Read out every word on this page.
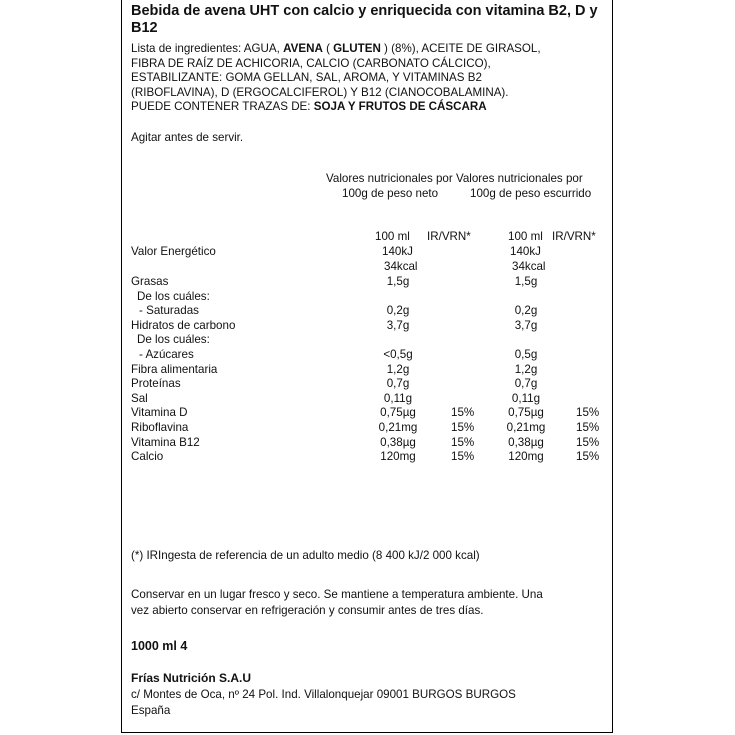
Bebida de avena UHT con calcio y enriquecida con vitamina B2, D y B12
Lista de ingredientes: AGUA, AVENA ( GLUTEN ) (8%), ACEITE DE GIRASOL,
FIBRA DE RAÍZ DE ACHICORIA, CALCIO (CARBONATO CÁLCICO),
ESTABILIZANTE: GOMA GELLAN, SAL, AROMA, Y VITAMINAS B2
(RIBOFLAVINA), D (ERGOCALCIFEROL) Y B12 (CIANOCOBALAMINA).
PUEDE CONTENER TRAZAS DE: SOJA Y FRUTOS DE CÁSCARA
Agitar antes de servir.
Valores nutricionales por Valores nutricionales por
100g de peso neto	100g de peso escurrido
100 ml IR/VRN*	100 ml IR/VRN*
Valor Energético	140kJ	140kJ
34kcal	34kcal
Grasas	1,5g	1,5g
De los cuáles:
- Saturadas	0,2g	0,2g
Hidratos de carbono	3,7g	3,7g
De los cuáles:
- Azúcares	<0,5g	0,5g
Fibra alimentaria	1,2g	1,2g
Proteínas	0,7g	0,7g
Sal	0,11g	0,11g
Vitamina D	0,75µg	15%	0,75µg	15%
Riboflavina	0,21mg	15%	0,21mg	15%
Vitamina B12	0,38µg	15%	0,38µg	15%
Calcio	120mg	15%	120mg	15%
(*) IRIngesta de referencia de un adulto medio (8 400 kJ/2 000 kcal)
Conservar en un lugar fresco y seco. Se mantiene a temperatura ambiente. Una
vez abierto conservar en refrigeración y consumir antes de tres días.
1000 ml 4
Frías Nutrición S.A.U
c/ Montes de Oca, nº 24 Pol. Ind. Villalonquejar 09001 BURGOS BURGOS
España
